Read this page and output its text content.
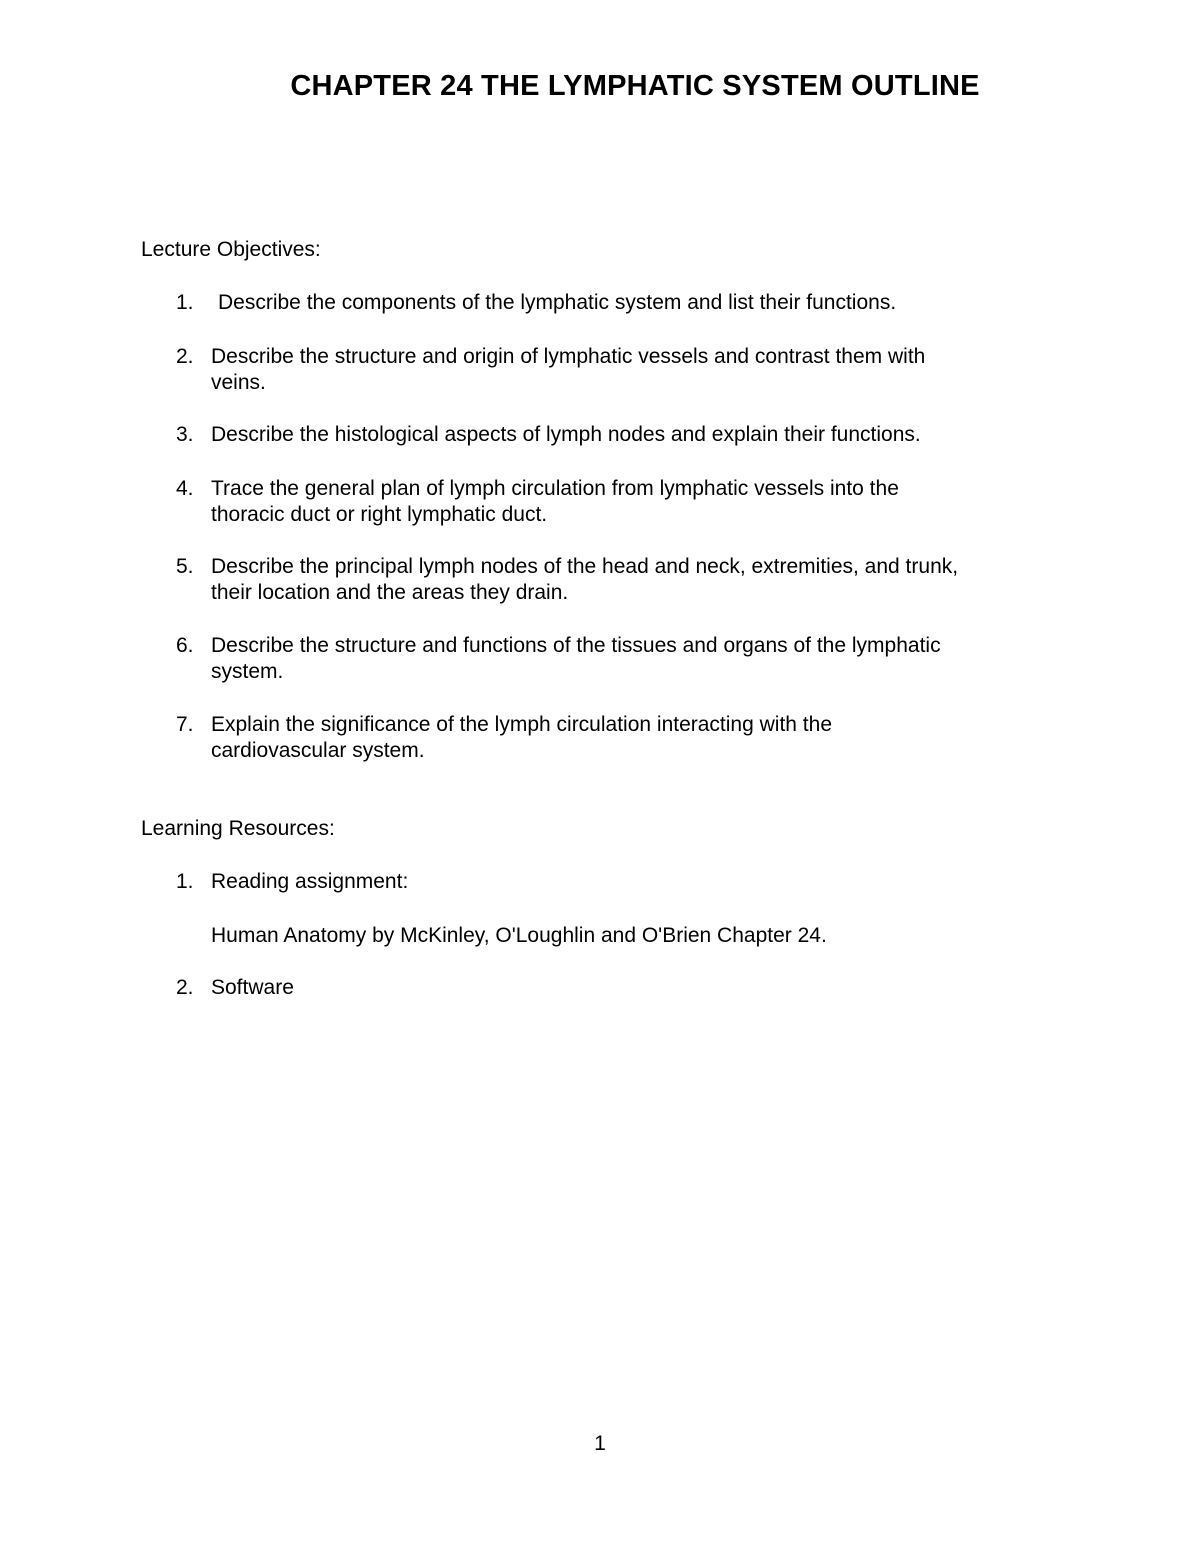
CHAPTER 24 THE LYMPHATIC SYSTEM OUTLINE
Lecture Objectives:
1. Describe the components of the lymphatic system and list their functions.
2. Describe the structure and origin of lymphatic vessels and contrast them with
veins.
3. Describe the histological aspects of lymph nodes and explain their functions.
4. Trace the general plan of lymph circulation from lymphatic vessels into the
thoracic duct or right lymphatic duct.
5. Describe the principal lymph nodes of the head and neck, extremities, and trunk,
their location and the areas they drain.
6. Describe the structure and functions of the tissues and organs of the lymphatic
system.
7. Explain the significance of the lymph circulation interacting with the
cardiovascular system.
Learning Resources:
1. Reading assignment:
Human Anatomy by McKinley, O'Loughlin and O'Brien Chapter 24.
2. Software
1
